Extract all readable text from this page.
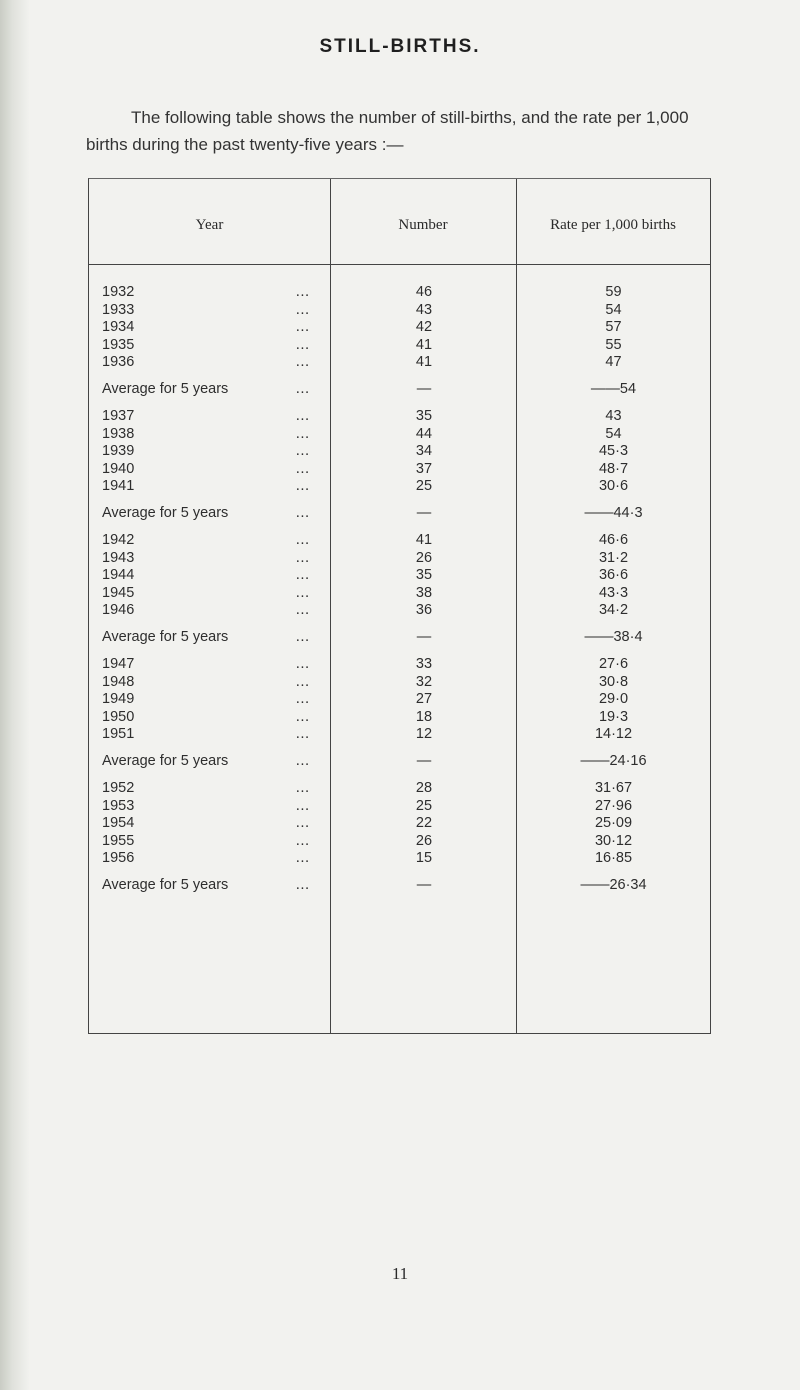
STILL-BIRTHS.
The following table shows the number of still-births, and the rate per 1,000 births during the past twenty-five years :—
Year	Number	Rate per 1,000 births
1932	...	46	59
1933	...	43	54
1934	...	42	57
1935	...	41	55
1936	...	41	47
Average for 5 years	...	—	——54
1937	...	35	43
1938	...	44	54
1939	...	34	45·3
1940	...	37	48·7
1941	...	25	30·6
Average for 5 years	...	—	——44·3
1942	...	41	46·6
1943	...	26	31·2
1944	...	35	36·6
1945	...	38	43·3
1946	...	36	34·2
Average for 5 years	...	—	——38·4
1947	...	33	27·6
1948	...	32	30·8
1949	...	27	29·0
1950	...	18	19·3
1951	...	12	14·12
Average for 5 years	...	—	——24·16
1952	...	28	31·67
1953	...	25	27·96
1954	...	22	25·09
1955	...	26	30·12
1956	...	15	16·85
Average for 5 years	...	—	——26·34
11
